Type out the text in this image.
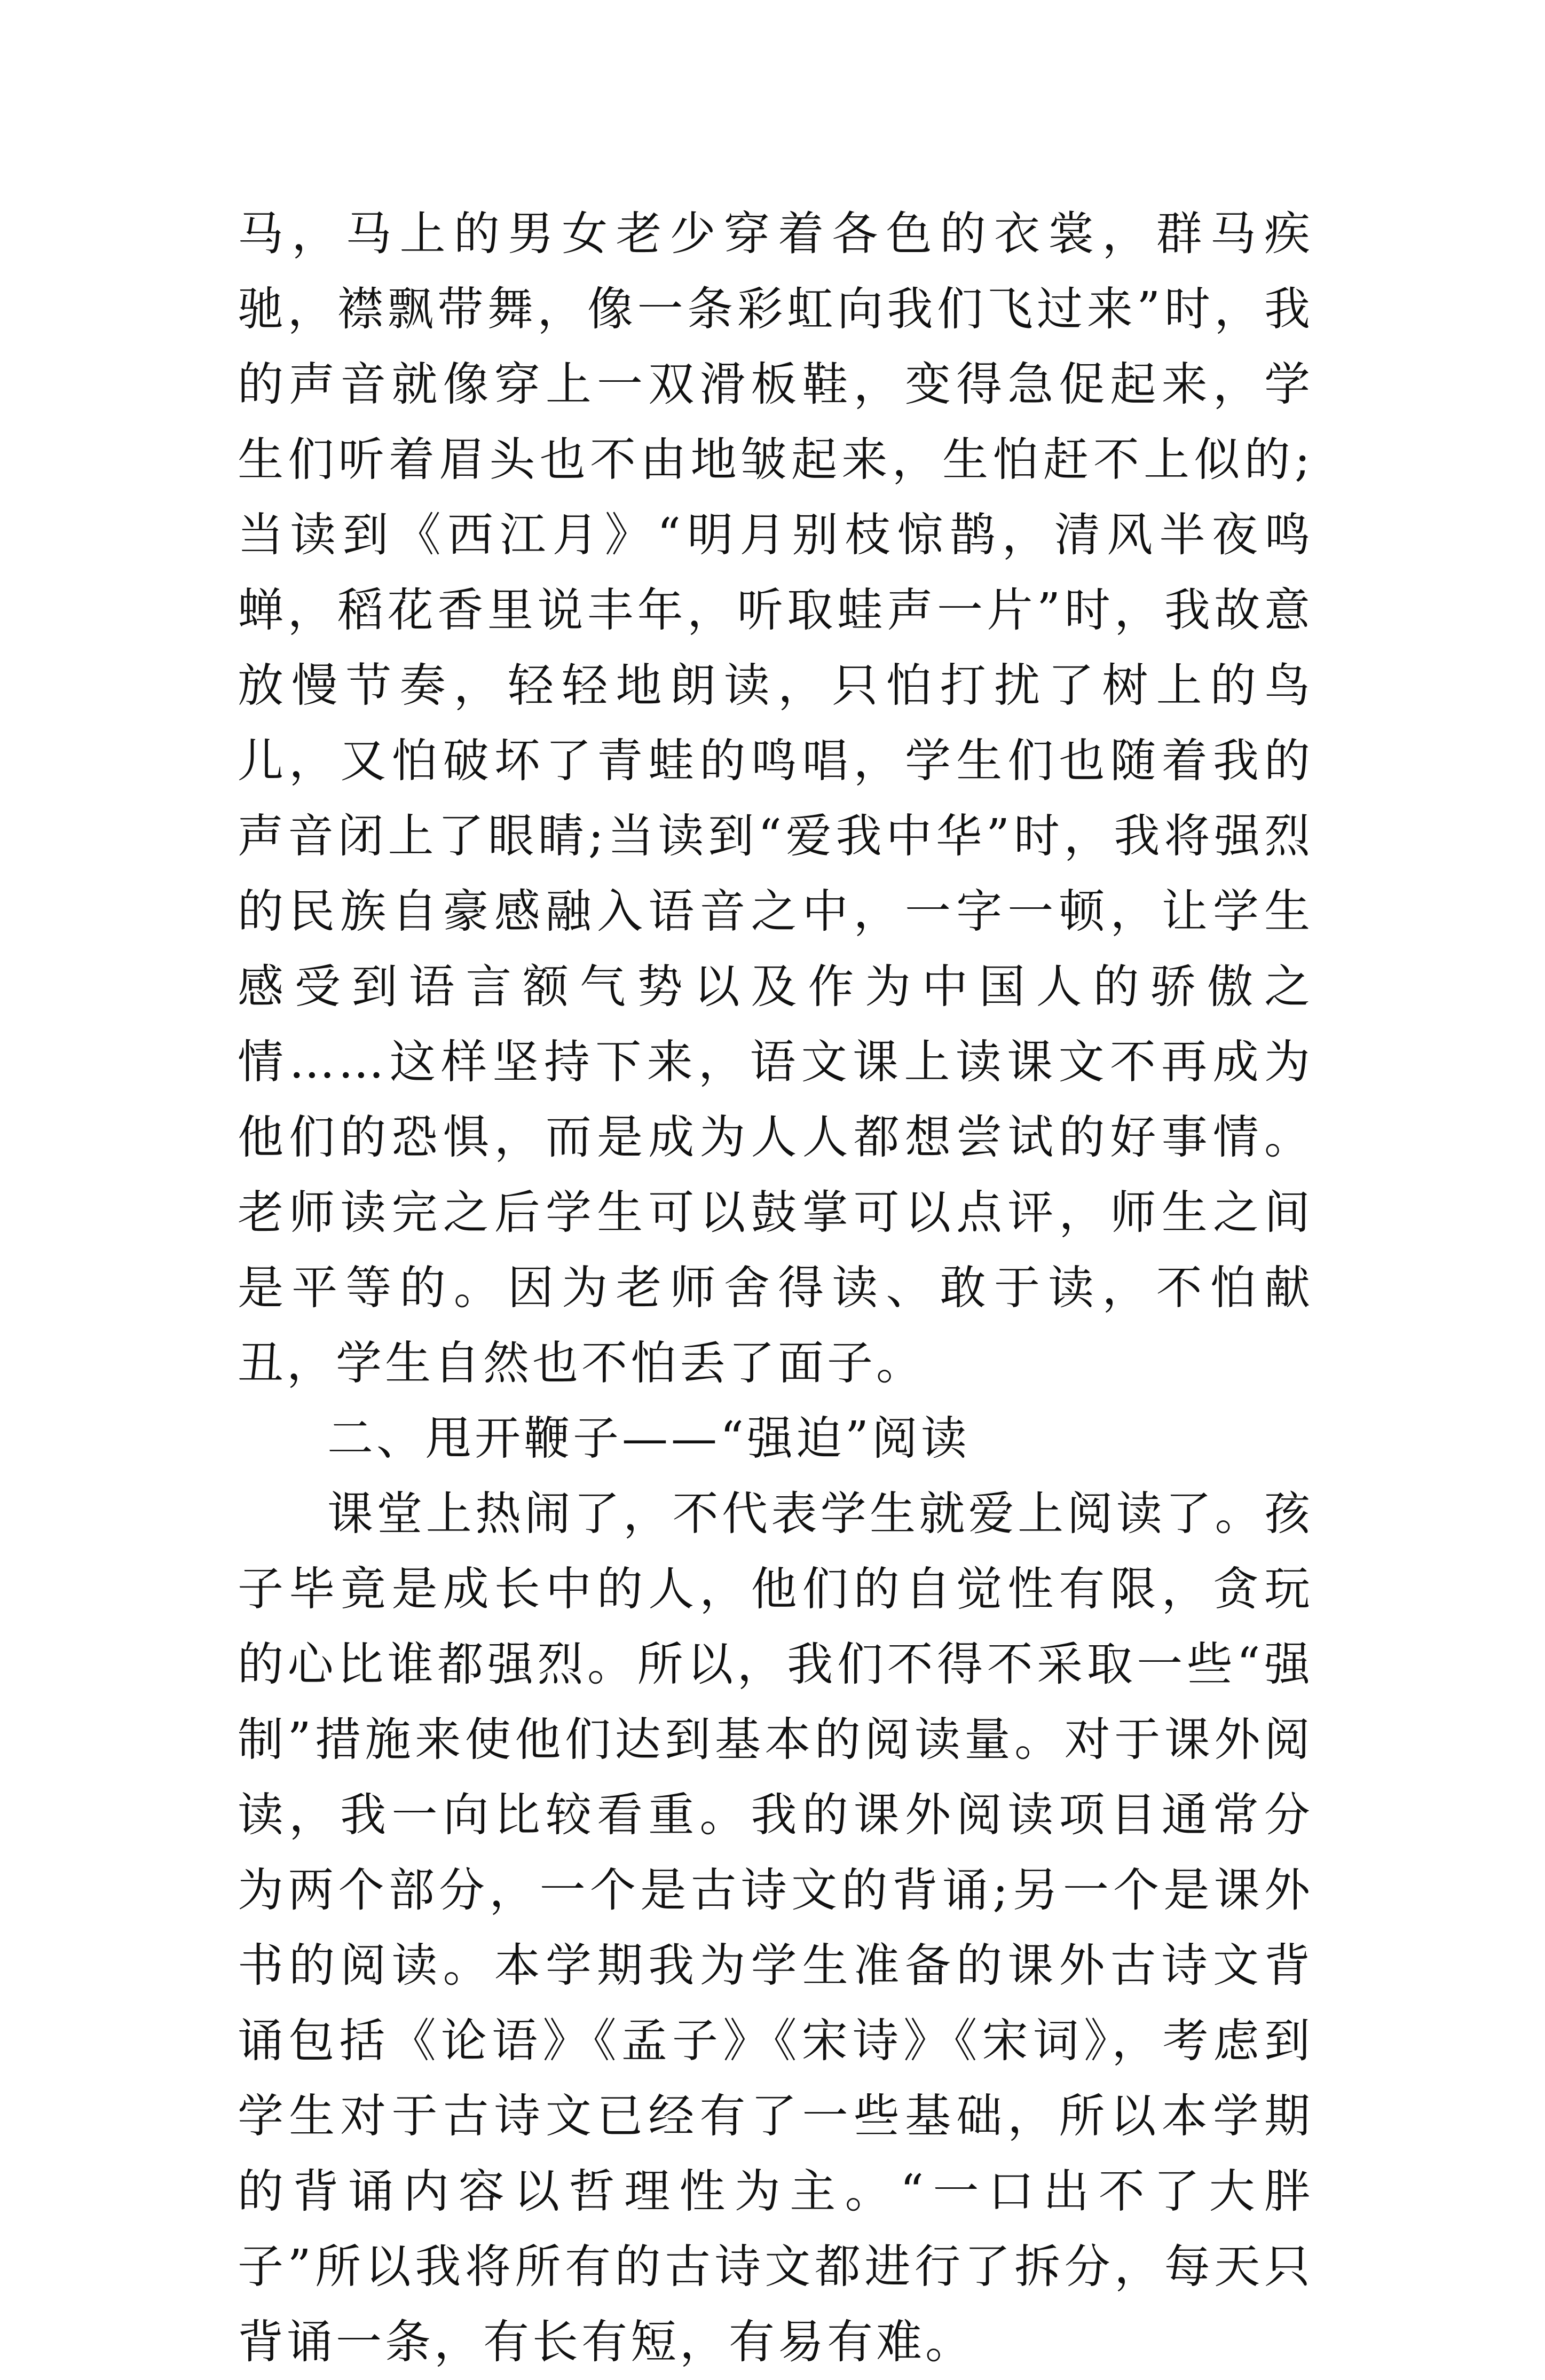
马，马上的男女老少穿着各色的衣裳，群马疾驰，襟飘带舞，像一条彩虹向我们飞过来”时，我的声音就像穿上一双滑板鞋，变得急促起来，学生们听着眉头也不由地皱起来，生怕赶不上似的;当读到《西江月》“明月别枝惊鹊，清风半夜鸣蝉，稻花香里说丰年，听取蛙声一片”时，我故意放慢节奏，轻轻地朗读，只怕打扰了树上的鸟儿，又怕破坏了青蛙的鸣唱，学生们也随着我的声音闭上了眼睛;当读到“爱我中华”时，我将强烈的民族自豪感融入语音之中，一字一顿，让学生感受到语言额气势以及作为中国人的骄傲之情……这样坚持下来，语文课上读课文不再成为他们的恐惧，而是成为人人都想尝试的好事情。老师读完之后学生可以鼓掌可以点评，师生之间是平等的。因为老师舍得读、敢于读，不怕献丑，学生自然也不怕丢了面子。

二、甩开鞭子——“强迫”阅读

课堂上热闹了，不代表学生就爱上阅读了。孩子毕竟是成长中的人，他们的自觉性有限，贪玩的心比谁都强烈。所以，我们不得不采取一些“强制”措施来使他们达到基本的阅读量。对于课外阅读，我一向比较看重。我的课外阅读项目通常分为两个部分，一个是古诗文的背诵;另一个是课外书的阅读。本学期我为学生准备的课外古诗文背诵包括《论语》《孟子》《宋诗》《宋词》，考虑到学生对于古诗文已经有了一些基础，所以本学期的背诵内容以哲理性为主。“一口出不了大胖子”所以我将所有的古诗文都进行了拆分，每天只背诵一条，有长有短，有易有难。
